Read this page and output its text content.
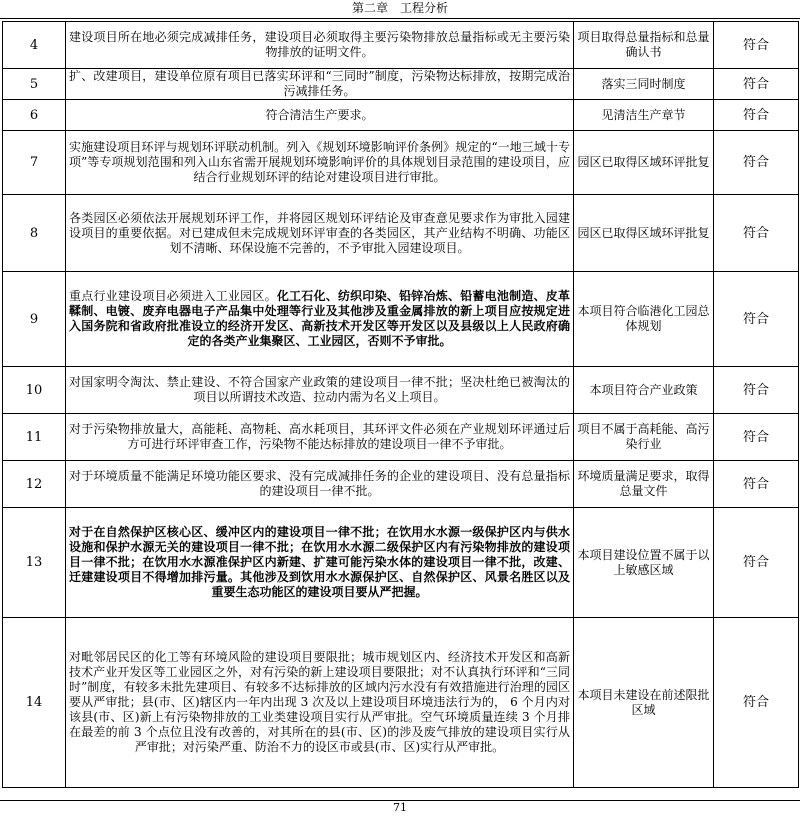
第二章　工程分析
4	建设项目所在地必须完成减排任务，建设项目必须取得主要污染物排放总量指标或无主要污染物排放的证明文件。	项目取得总量指标和总量确认书	符合
5	扩、改建项目，建设单位原有项目已落实环评和“三同时”制度，污染物达标排放，按期完成治污减排任务。	落实三同时制度	符合
6	符合清洁生产要求。	见清洁生产章节	符合
7	实施建设项目环评与规划环评联动机制。列入《规划环境影响评价条例》规定的“一地三域十专项”等专项规划范围和列入山东省需开展规划环境影响评价的具体规划目录范围的建设项目，应结合行业规划环评的结论对建设项目进行审批。	园区已取得区域环评批复	符合
8	各类园区必须依法开展规划环评工作，并将园区规划环评结论及审查意见要求作为审批入园建设项目的重要依据。对已建成但未完成规划环评审查的各类园区，其产业结构不明确、功能区划不清晰、环保设施不完善的，不予审批入园建设项目。	园区已取得区域环评批复	符合
9	重点行业建设项目必须进入工业园区。化工石化、纺织印染、铅锌冶炼、铅蓄电池制造、皮革鞣制、电镀、废弃电器电子产品集中处理等行业及其他涉及重金属排放的新上项目应按规定进入国务院和省政府批准设立的经济开发区、高新技术开发区等开发区以及县级以上人民政府确定的各类产业集聚区、工业园区，否则不予审批。	本项目符合临港化工园总体规划	符合
10	对国家明令淘汰、禁止建设、不符合国家产业政策的建设项目一律不批；坚决杜绝已被淘汰的项目以所谓技术改造、拉动内需为名义上项目。	本项目符合产业政策	符合
11	对于污染物排放量大，高能耗、高物耗、高水耗项目，其环评文件必须在产业规划环评通过后方可进行环评审查工作，污染物不能达标排放的建设项目一律不予审批。	项目不属于高耗能、高污染行业	符合
12	对于环境质量不能满足环境功能区要求、没有完成减排任务的企业的建设项目、没有总量指标的建设项目一律不批。	环境质量满足要求，取得总量文件	符合
13	对于在自然保护区核心区、缓冲区内的建设项目一律不批；在饮用水水源一级保护区内与供水设施和保护水源无关的建设项目一律不批；在饮用水水源二级保护区内有污染物排放的建设项目一律不批；在饮用水水源准保护区内新建、扩建可能污染水体的建设项目一律不批，改建、迁建建设项目不得增加排污量。其他涉及到饮用水水源保护区、自然保护区、风景名胜区以及重要生态功能区的建设项目要从严把握。	本项目建设位置不属于以上敏感区域	符合
14	对毗邻居民区的化工等有环境风险的建设项目要限批；城市规划区内、经济技术开发区和高新技术产业开发区等工业园区之外，对有污染的新上建设项目要限批；对不认真执行环评和“三同时”制度，有较多未批先建项目、有较多不达标排放的区域内污水没有有效措施进行治理的园区要从严审批；县(市、区)辖区内一年内出现 3 次及以上建设项目环境违法行为的， 6 个月内对该县(市、区)新上有污染物排放的工业类建设项目实行从严审批。空气环境质量连续 3 个月排在最差的前 3 个点位且没有改善的，对其所在的县(市、区)的涉及废气排放的建设项目实行从严审批；对污染严重、防治不力的设区市或县(市、区)实行从严审批。	本项目未建设在前述限批区域	符合
71
